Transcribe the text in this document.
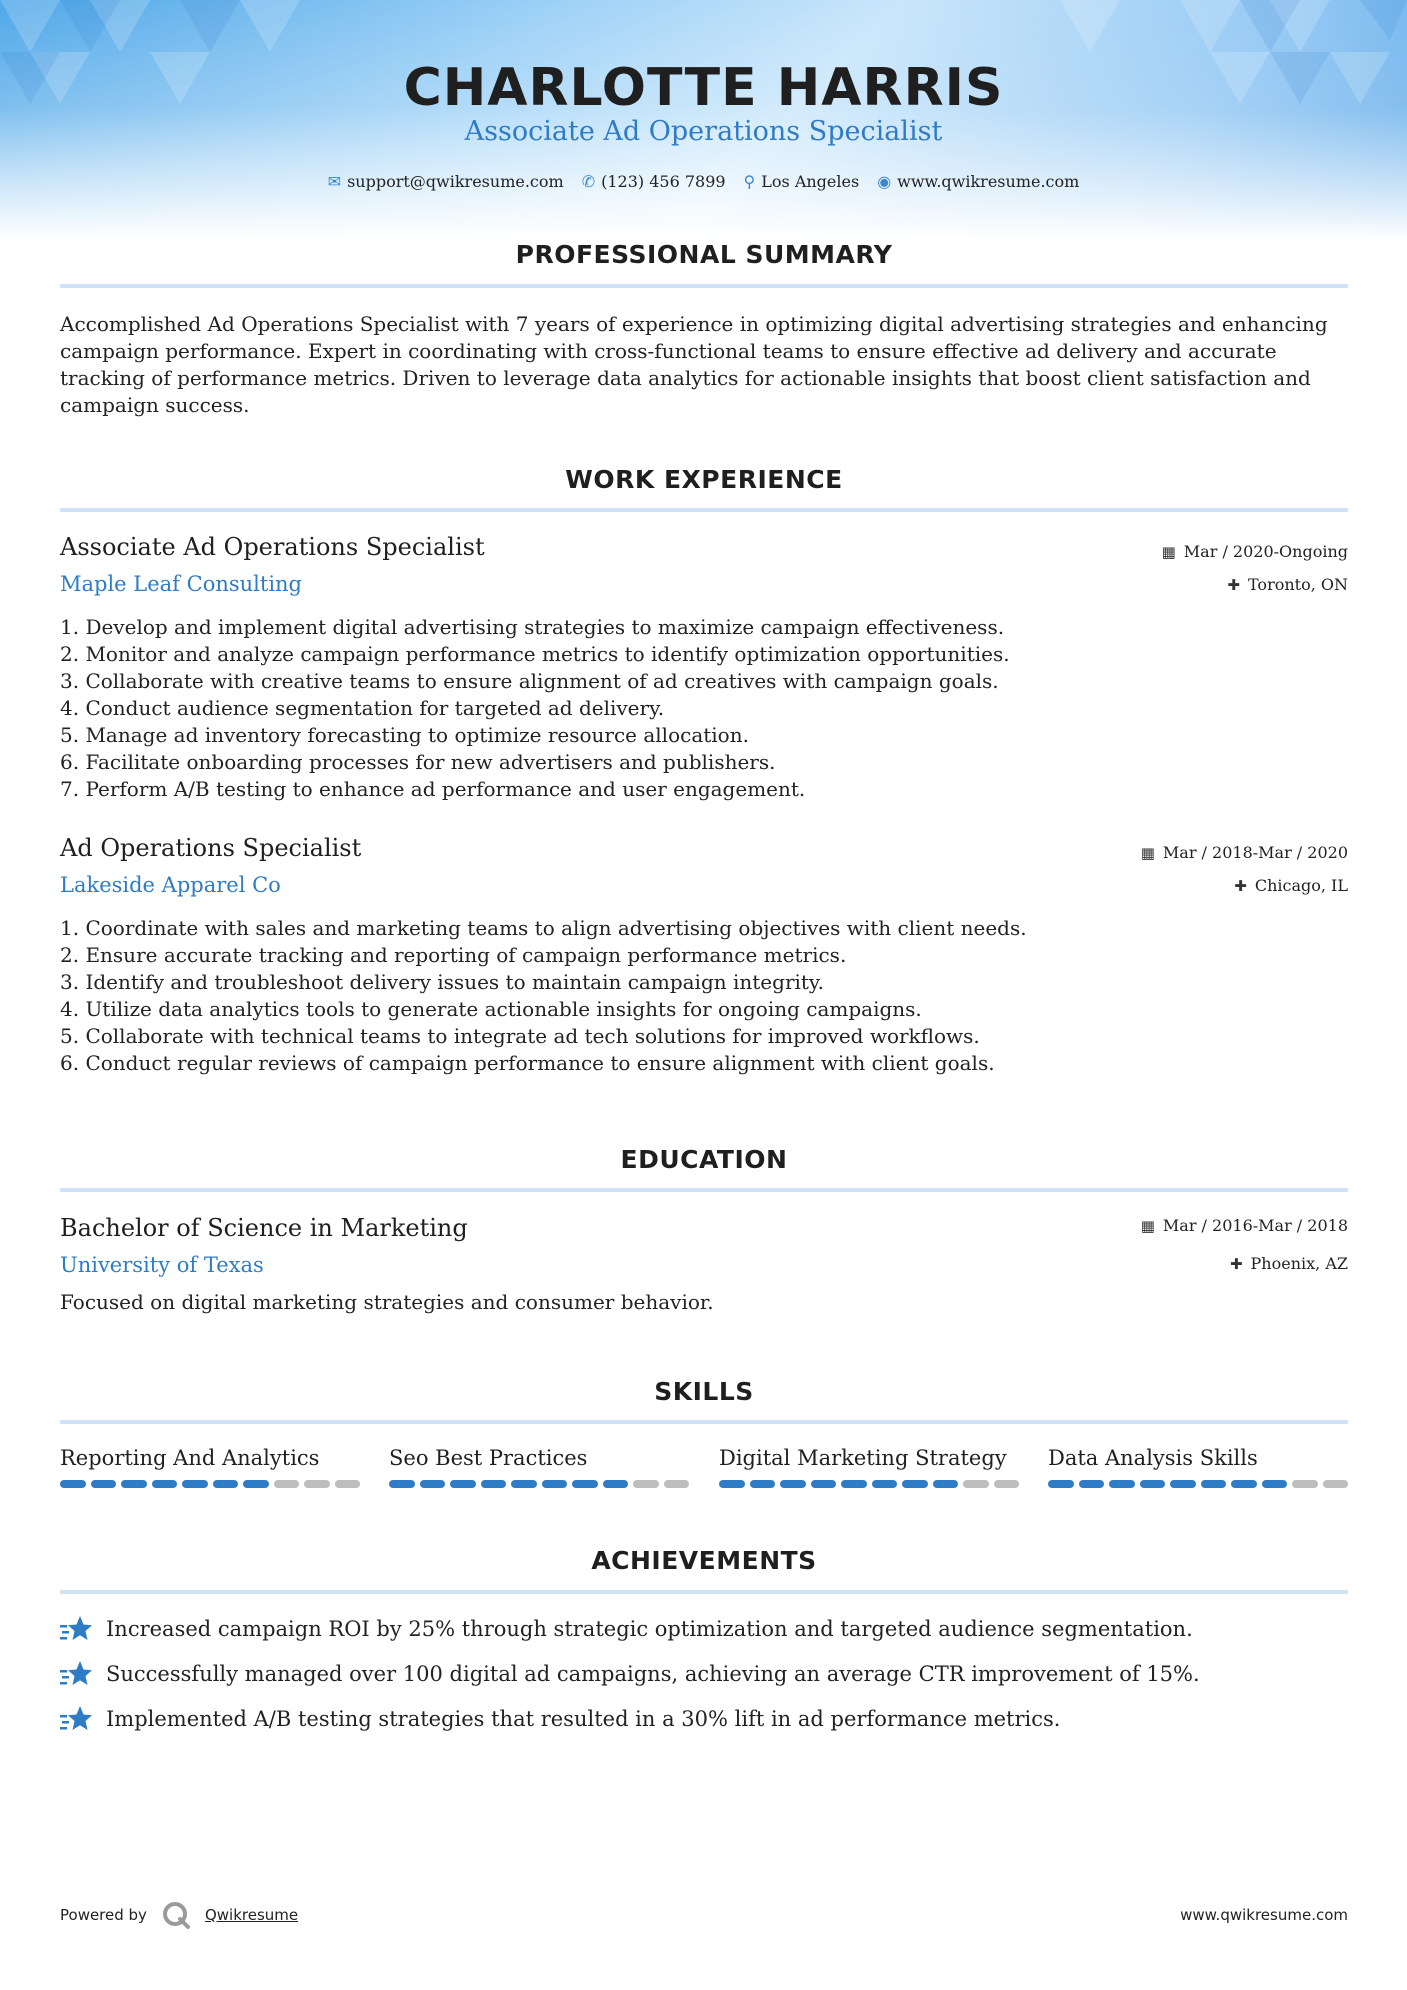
CHARLOTTE HARRIS
Associate Ad Operations Specialist
✉ support@qwikresume.com ✆ (123) 456 7899 ⚲ Los Angeles ◉ www.qwikresume.com
PROFESSIONAL SUMMARY
Accomplished Ad Operations Specialist with 7 years of experience in optimizing digital advertising strategies and enhancing campaign performance. Expert in coordinating with cross-functional teams to ensure effective ad delivery and accurate tracking of performance metrics. Driven to leverage data analytics for actionable insights that boost client satisfaction and campaign success.
WORK EXPERIENCE
Associate Ad Operations Specialist
Maple Leaf Consulting
▦ Mar / 2020-Ongoing
✚ Toronto, ON
1. Develop and implement digital advertising strategies to maximize campaign effectiveness.
2. Monitor and analyze campaign performance metrics to identify optimization opportunities.
3. Collaborate with creative teams to ensure alignment of ad creatives with campaign goals.
4. Conduct audience segmentation for targeted ad delivery.
5. Manage ad inventory forecasting to optimize resource allocation.
6. Facilitate onboarding processes for new advertisers and publishers.
7. Perform A/B testing to enhance ad performance and user engagement.
Ad Operations Specialist
Lakeside Apparel Co
▦ Mar / 2018-Mar / 2020
✚ Chicago, IL
1. Coordinate with sales and marketing teams to align advertising objectives with client needs.
2. Ensure accurate tracking and reporting of campaign performance metrics.
3. Identify and troubleshoot delivery issues to maintain campaign integrity.
4. Utilize data analytics tools to generate actionable insights for ongoing campaigns.
5. Collaborate with technical teams to integrate ad tech solutions for improved workflows.
6. Conduct regular reviews of campaign performance to ensure alignment with client goals.
EDUCATION
Bachelor of Science in Marketing
University of Texas
▦ Mar / 2016-Mar / 2018
✚ Phoenix, AZ
Focused on digital marketing strategies and consumer behavior.
SKILLS
Reporting And Analytics	Seo Best Practices	Digital Marketing Strategy	Data Analysis Skills
ACHIEVEMENTS
Increased campaign ROI by 25% through strategic optimization and targeted audience segmentation.
Successfully managed over 100 digital ad campaigns, achieving an average CTR improvement of 15%.
Implemented A/B testing strategies that resulted in a 30% lift in ad performance metrics.
Powered by	Qwikresume	www.qwikresume.com
